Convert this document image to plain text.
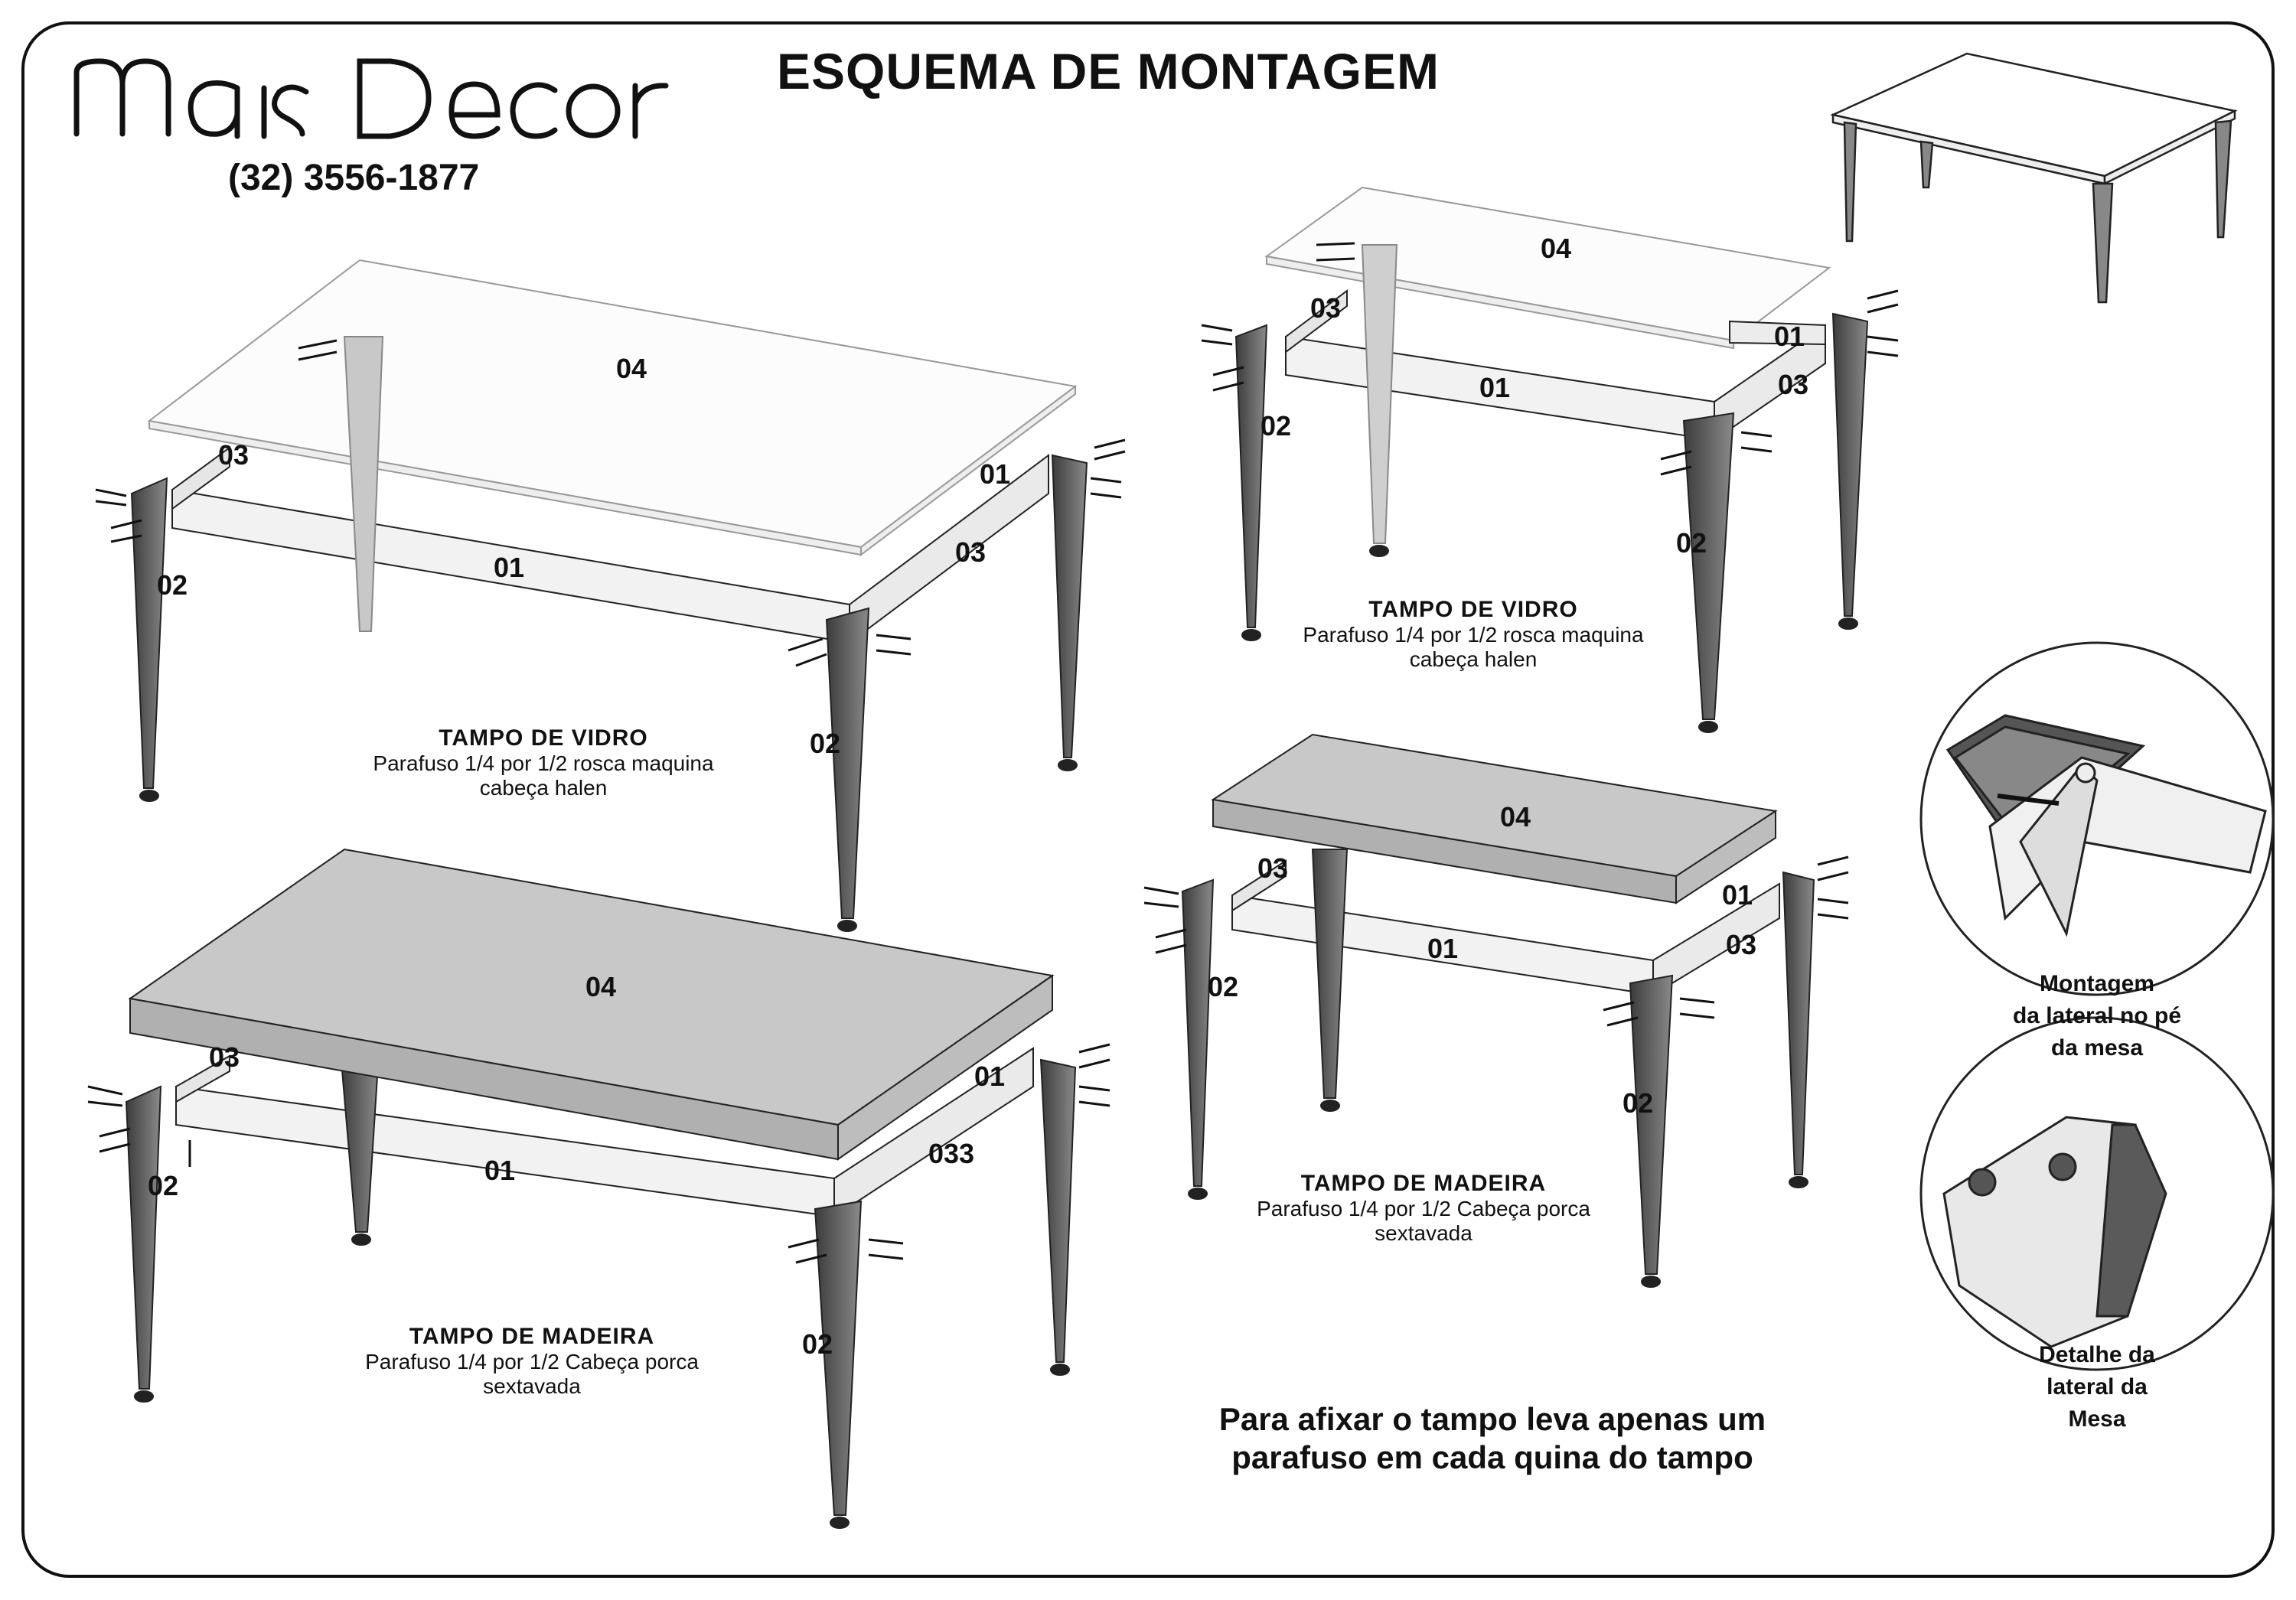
(32) 3556-1877
ESQUEMA DE MONTAGEM
04
03
01
03
01
02
02
04
03
01
03
01
02
02
04
03
01
01
033
02
02
04
03
01
03
01
02
02
TAMPO DE VIDRO
Parafuso 1/4 por 1/2 rosca maquina
cabeça halen
TAMPO DE VIDRO
Parafuso 1/4 por 1/2 rosca maquina
cabeça halen
TAMPO DE MADEIRA
Parafuso 1/4 por 1/2 Cabeça porca
sextavada
TAMPO DE MADEIRA
Parafuso 1/4 por 1/2 Cabeça porca
sextavada
Para afixar o tampo leva apenas um
parafuso em cada quina do tampo
Montagem
da lateral no pé
da mesa
Detalhe da
lateral da
Mesa
